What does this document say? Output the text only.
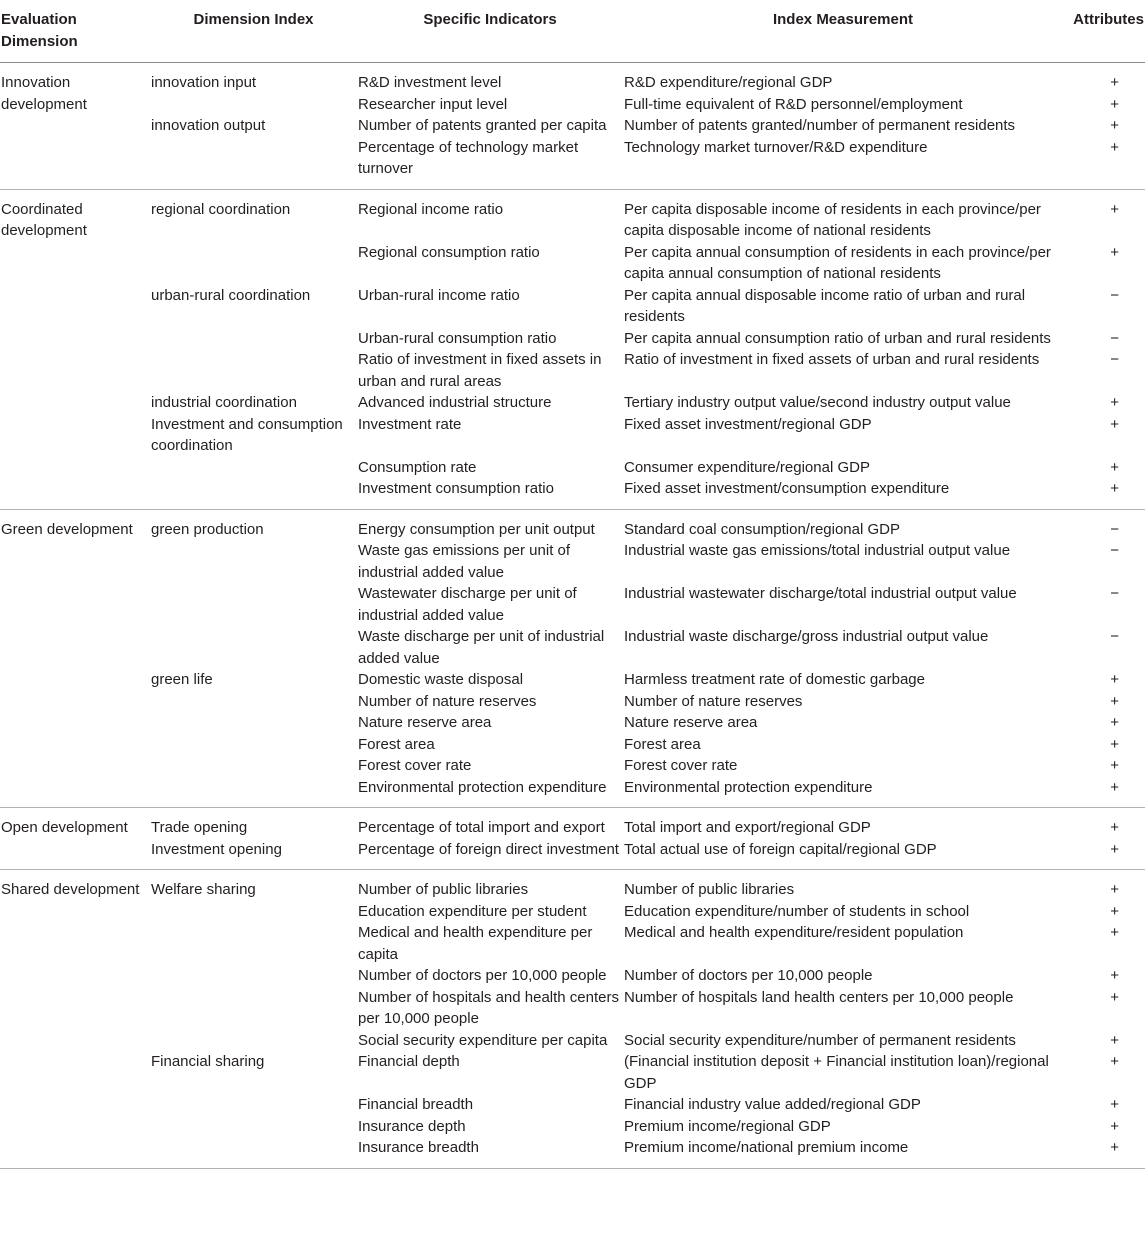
Evaluation Dimension	Dimension Index	Specific Indicators	Index Measurement	Attributes
Innovation development	innovation input	R&D investment level	R&D expenditure/regional GDP	+
		Researcher input level	Full-time equivalent of R&D personnel/employment	+
	innovation output	Number of patents granted per capita	Number of patents granted/number of permanent residents	+
		Percentage of technology market turnover	Technology market turnover/R&D expenditure	+
Coordinated development	regional coordination	Regional income ratio	Per capita disposable income of residents in each province/per capita disposable income of national residents	+
		Regional consumption ratio	Per capita annual consumption of residents in each province/per capita annual consumption of national residents	+
	urban-rural coordination	Urban-rural income ratio	Per capita annual disposable income ratio of urban and rural residents	−
		Urban-rural consumption ratio	Per capita annual consumption ratio of urban and rural residents	−
		Ratio of investment in fixed assets in urban and rural areas	Ratio of investment in fixed assets of urban and rural residents	−
	industrial coordination	Advanced industrial structure	Tertiary industry output value/second industry output value	+
	Investment and consumption coordination	Investment rate	Fixed asset investment/regional GDP	+
		Consumption rate	Consumer expenditure/regional GDP	+
		Investment consumption ratio	Fixed asset investment/consumption expenditure	+
Green development	green production	Energy consumption per unit output	Standard coal consumption/regional GDP	−
		Waste gas emissions per unit of industrial added value	Industrial waste gas emissions/total industrial output value	−
		Wastewater discharge per unit of industrial added value	Industrial wastewater discharge/total industrial output value	−
		Waste discharge per unit of industrial added value	Industrial waste discharge/gross industrial output value	−
	green life	Domestic waste disposal	Harmless treatment rate of domestic garbage	+
		Number of nature reserves	Number of nature reserves	+
		Nature reserve area	Nature reserve area	+
		Forest area	Forest area	+
		Forest cover rate	Forest cover rate	+
		Environmental protection expenditure	Environmental protection expenditure	+
Open development	Trade opening	Percentage of total import and export	Total import and export/regional GDP	+
	Investment opening	Percentage of foreign direct investment	Total actual use of foreign capital/regional GDP	+
Shared development	Welfare sharing	Number of public libraries	Number of public libraries	+
		Education expenditure per student	Education expenditure/number of students in school	+
		Medical and health expenditure per capita	Medical and health expenditure/resident population	+
		Number of doctors per 10,000 people	Number of doctors per 10,000 people	+
		Number of hospitals and health centers per 10,000 people	Number of hospitals land health centers per 10,000 people	+
		Social security expenditure per capita	Social security expenditure/number of permanent residents	+
	Financial sharing	Financial depth	(Financial institution deposit + Financial institution loan)/regional GDP	+
		Financial breadth	Financial industry value added/regional GDP	+
		Insurance depth	Premium income/regional GDP	+
		Insurance breadth	Premium income/national premium income	+
